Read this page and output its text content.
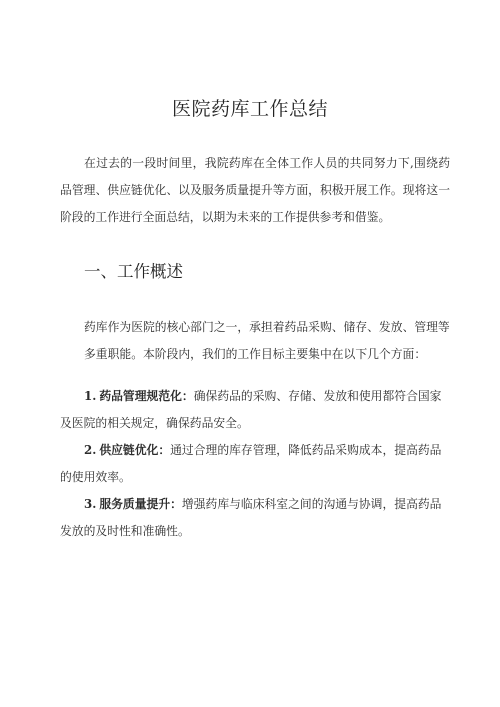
医院药库工作总结

在过去的一段时间里，我院药库在全体工作人员的共同努力下,围绕药品管理、供应链优化、以及服务质量提升等方面，积极开展工作。现将这一阶段的工作进行全面总结，以期为未来的工作提供参考和借鉴。

一、工作概述

药库作为医院的核心部门之一，承担着药品采购、储存、发放、管理等多重职能。本阶段内，我们的工作目标主要集中在以下几个方面：

1. 药品管理规范化：确保药品的采购、存储、发放和使用都符合国家及医院的相关规定，确保药品安全。

2. 供应链优化：通过合理的库存管理，降低药品采购成本，提高药品的使用效率。

3. 服务质量提升：增强药库与临床科室之间的沟通与协调，提高药品发放的及时性和准确性。
